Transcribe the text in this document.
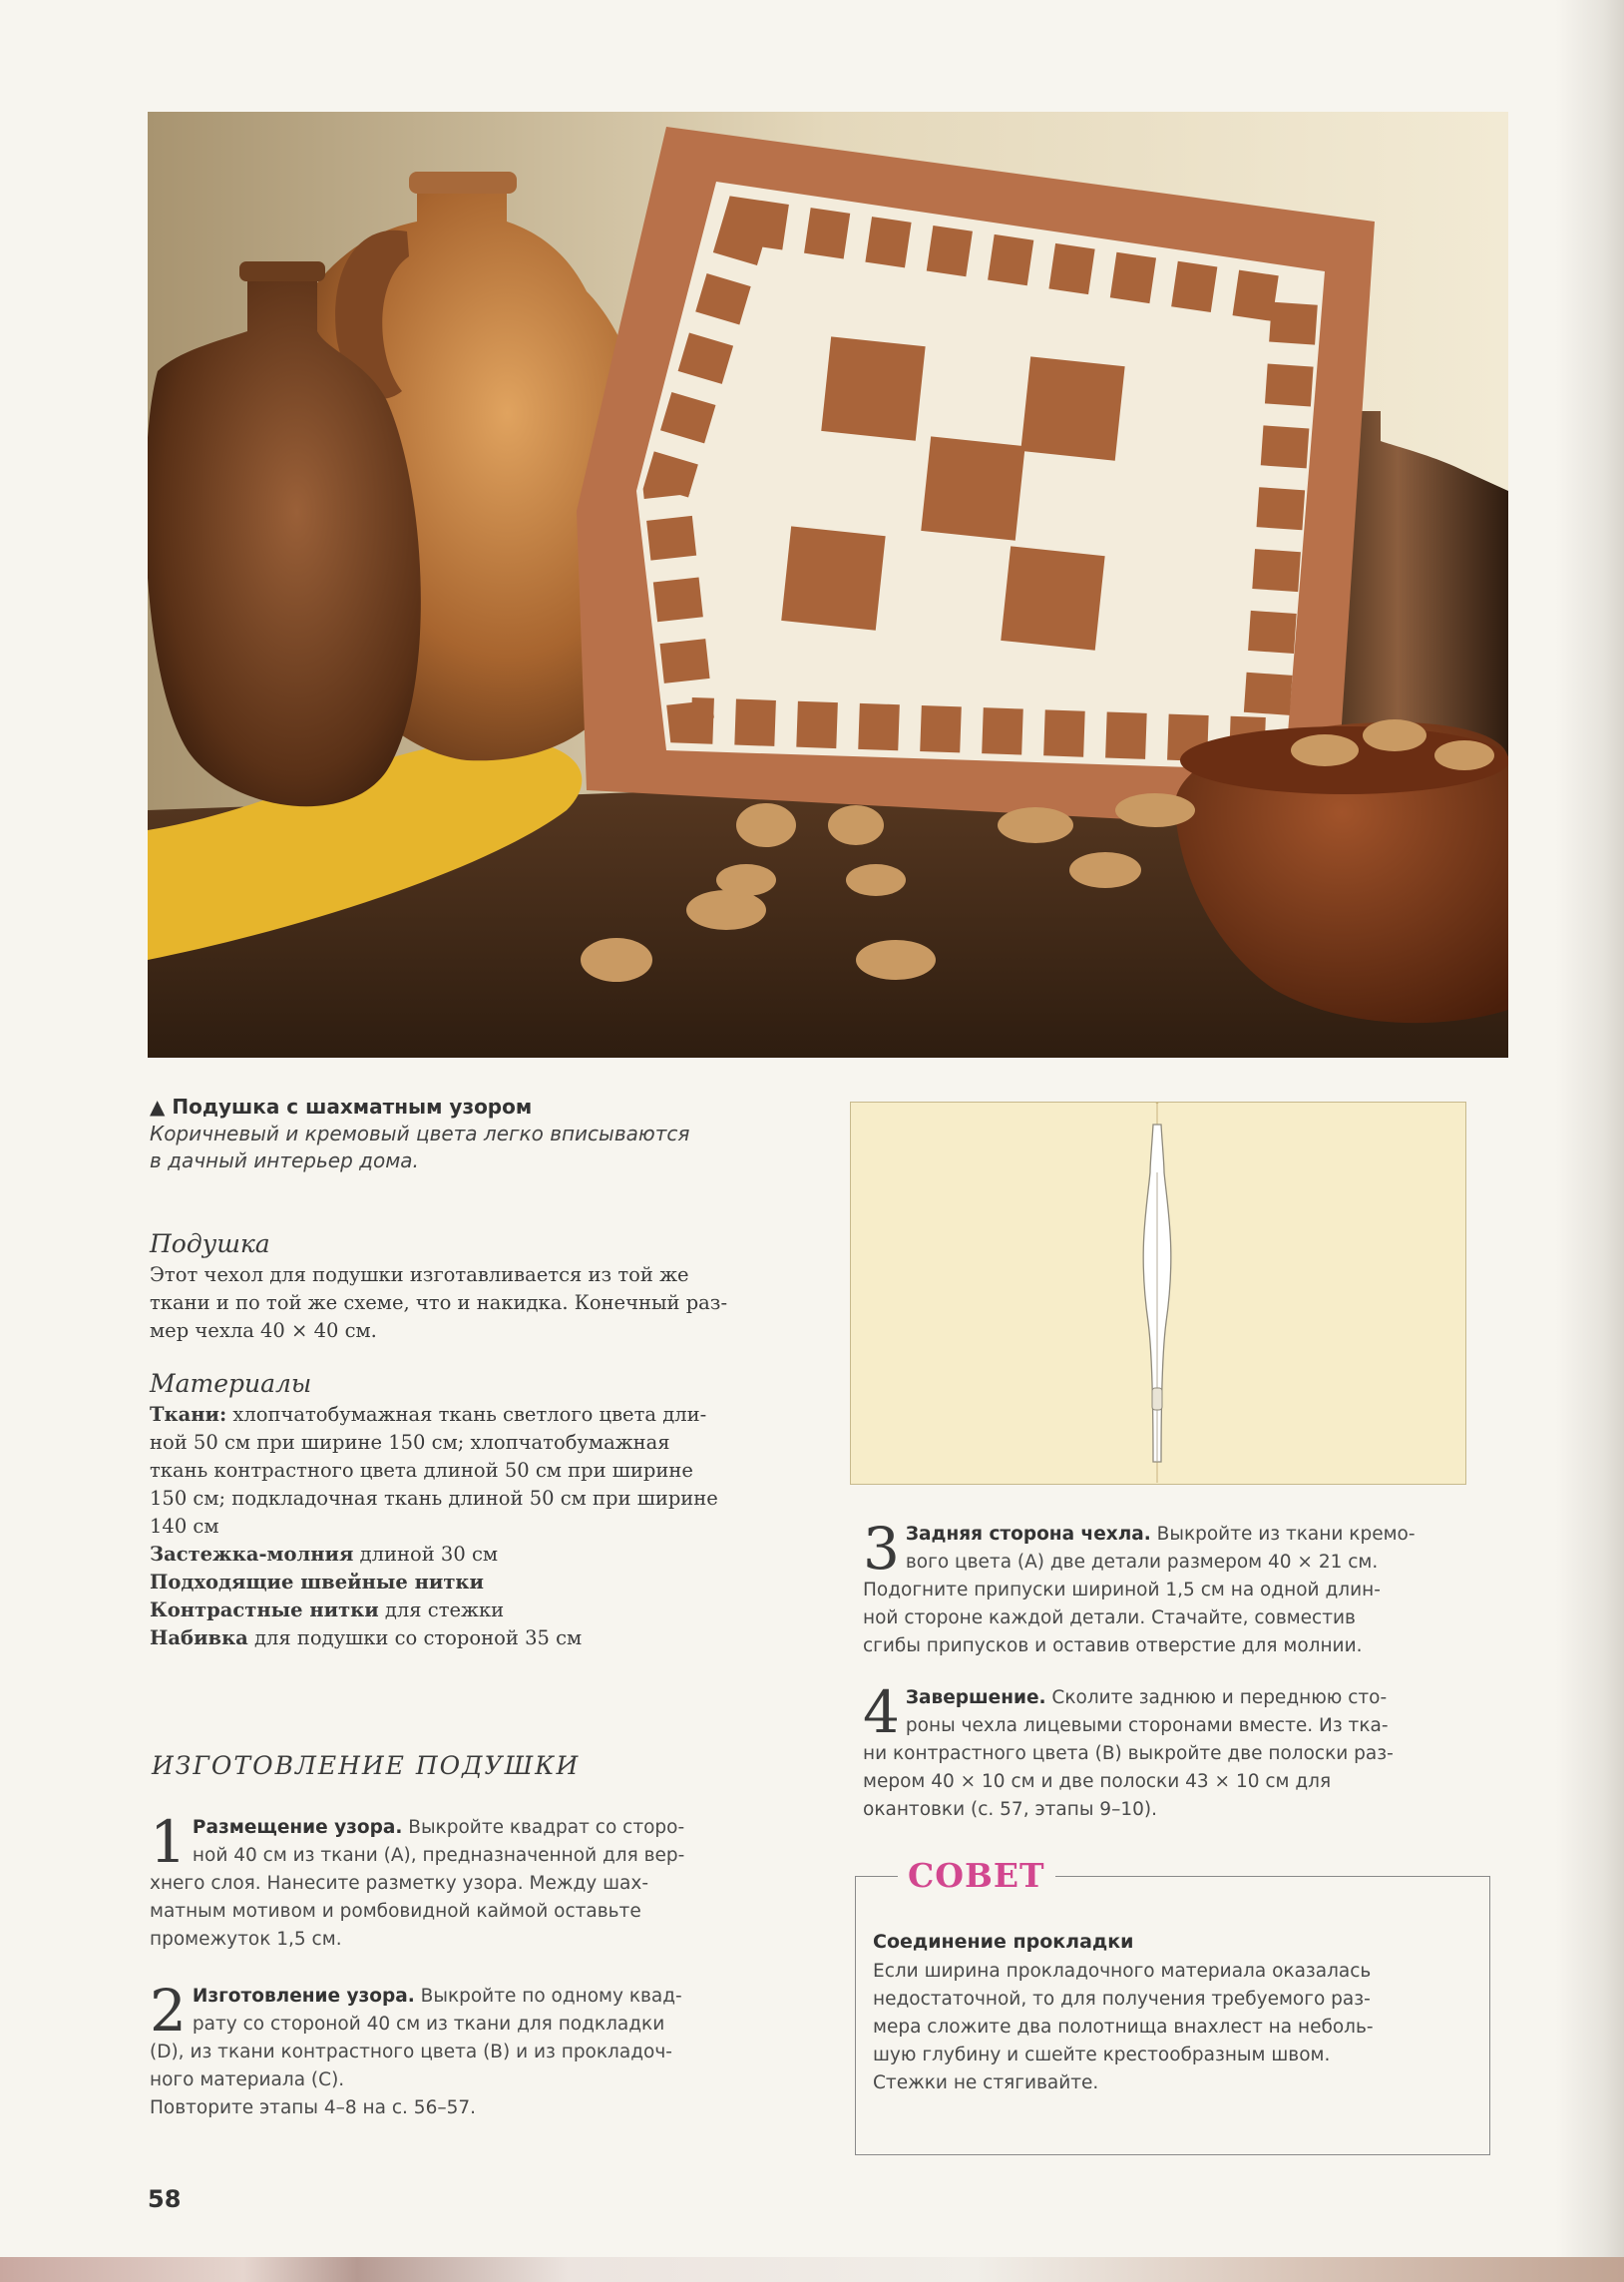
▲ Подушка с шахматным узором
Коричневый и кремовый цвета легко вписываются
в дачный интерьер дома.
Подушка
Этот чехол для подушки изготавливается из той же
ткани и по той же схеме, что и накидка. Конечный раз-
мер чехла 40 × 40 см.
Материалы
Ткани: хлопчатобумажная ткань светлого цвета дли-
ной 50 см при ширине 150 см; хлопчатобумажная
ткань контрастного цвета длиной 50 см при ширине
150 см; подкладочная ткань длиной 50 см при ширине
140 см
Застежка-молния длиной 30 см
Подходящие швейные нитки
Контрастные нитки для стежки
Набивка для подушки со стороной 35 см
ИЗГОТОВЛЕНИЕ ПОДУШКИ
1 Размещение узора. Выкройте квадрат со сторо-
ной 40 см из ткани (А), предназначенной для вер-
хнего слоя. Нанесите разметку узора. Между шах-
матным мотивом и ромбовидной каймой оставьте
промежуток 1,5 см.
2 Изготовление узора. Выкройте по одному квад-
рату со стороной 40 см из ткани для подкладки
(D), из ткани контрастного цвета (В) и из прокладоч-
ного материала (С).
Повторите этапы 4–8 на с. 56–57.
3 Задняя сторона чехла. Выкройте из ткани кремо-
вого цвета (А) две детали размером 40 × 21 см.
Подогните припуски шириной 1,5 см на одной длин-
ной стороне каждой детали. Стачайте, совместив
сгибы припусков и оставив отверстие для молнии.
4 Завершение. Сколите заднюю и переднюю сто-
роны чехла лицевыми сторонами вместе. Из тка-
ни контрастного цвета (В) выкройте две полоски раз-
мером 40 × 10 см и две полоски 43 × 10 см для
окантовки (с. 57, этапы 9–10).
СОВЕТ
Соединение прокладки
Если ширина прокладочного материала оказалась
недостаточной, то для получения требуемого раз-
мера сложите два полотнища внахлест на неболь-
шую глубину и сшейте крестообразным швом.
Стежки не стягивайте.
58
